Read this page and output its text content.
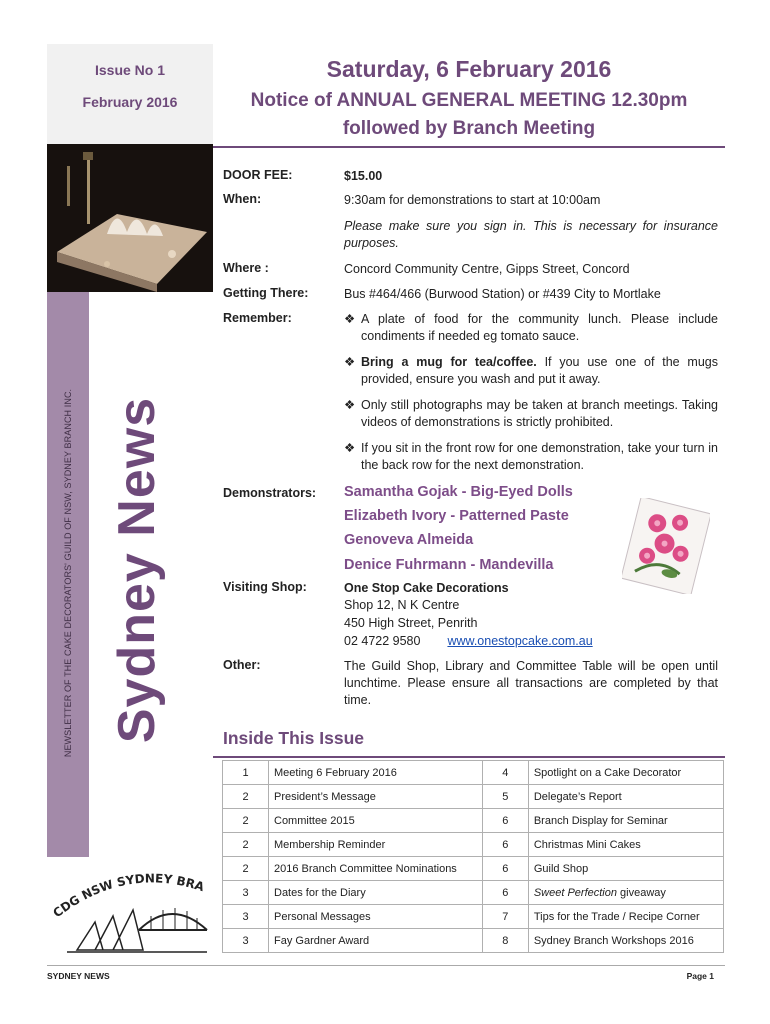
Issue No 1
February 2016
NEWSLETTER OF THE CAKE DECORATORS' GUILD OF NSW, SYDNEY BRANCH INC. Sydney News
CDG NSW SYDNEY BRA
Saturday, 6 February 2016
Notice of ANNUAL GENERAL MEETING 12.30pm
followed by Branch Meeting
DOOR FEE:	$15.00
When:	9:30am for demonstrations to start at 10:00am
Please make sure you sign in. This is necessary for insurance purposes.
Where :	Concord Community Centre, Gipps Street, Concord
Getting There:	Bus #464/466 (Burwood Station) or #439 City to Mortlake
Remember:	❖ A plate of food for the community lunch. Please include condiments if needed eg tomato sauce.
❖ Bring a mug for tea/coffee. If you use one of the mugs provided, ensure you wash and put it away.
❖ Only still photographs may be taken at branch meetings. Taking videos of demonstrations is strictly prohibited.
❖ If you sit in the front row for one demonstration, take your turn in the back row for the next demonstration.
Demonstrators: Samantha Gojak - Big-Eyed Dolls
Elizabeth Ivory - Patterned Paste
Genoveva Almeida
Denice Fuhrmann - Mandevilla
Visiting Shop:	One Stop Cake Decorations
Shop 12, N K Centre
450 High Street, Penrith
02 4722 9580 www.onestopcake.com.au
Other:	The Guild Shop, Library and Committee Table will be open until lunchtime. Please ensure all transactions are completed by that time.
Inside This Issue
1	Meeting 6 February 2016	4	Spotlight on a Cake Decorator
2	President’s Message	5	Delegate’s Report
2	Committee 2015	6	Branch Display for Seminar
2	Membership Reminder	6	Christmas Mini Cakes
2	2016 Branch Committee Nominations	6	Guild Shop
3	Dates for the Diary	6	Sweet Perfection giveaway
3	Personal Messages	7	Tips for the Trade / Recipe Corner
3	Fay Gardner Award	8	Sydney Branch Workshops 2016
SYDNEY NEWS	Page 1
